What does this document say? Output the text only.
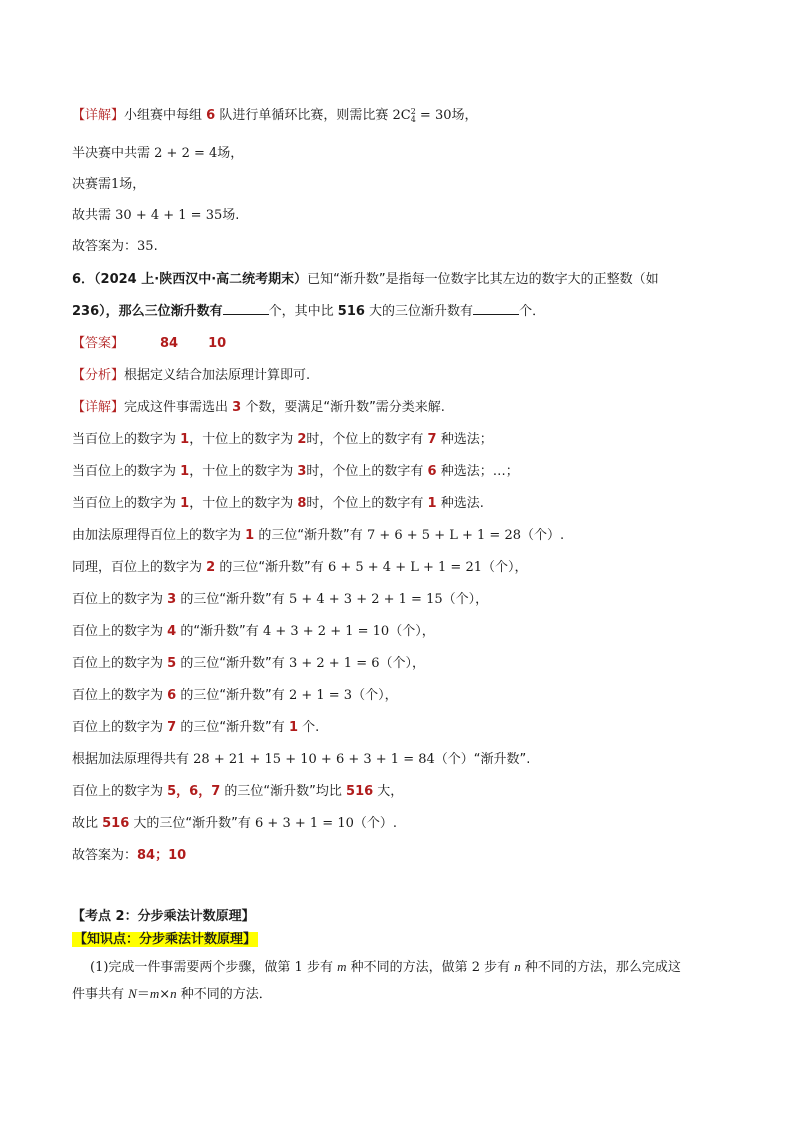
【详解】小组赛中每组 6 队进行单循环比赛，则需比赛 2C2
4 = 30场，
半决赛中共需 2 + 2 = 4场，
决赛需1场，
故共需 30 + 4 + 1 = 35场.
故答案为：35.
6．（2024 上·陕西汉中·高二统考期末）已知“渐升数”是指每一位数字比其左边的数字大的正整数（如
236），那么三位渐升数有	个，其中比 516 大的三位渐升数有	个．
【答案】	84 10
【分析】根据定义结合加法原理计算即可.
【详解】完成这件事需选出 3 个数，要满足“渐升数”需分类来解.
当百位上的数字为 1，十位上的数字为 2时，个位上的数字有 7 种选法；
当百位上的数字为 1，十位上的数字为 3时，个位上的数字有 6 种选法；…；
当百位上的数字为 1，十位上的数字为 8时，个位上的数字有 1 种选法.
由加法原理得百位上的数字为 1 的三位“渐升数”有 7 + 6 + 5 + L + 1 = 28（个）.
同理，百位上的数字为 2 的三位“渐升数”有 6 + 5 + 4 + L + 1 = 21（个），
百位上的数字为 3 的三位“渐升数”有 5 + 4 + 3 + 2 + 1 = 15（个），
百位上的数字为 4 的“渐升数”有 4 + 3 + 2 + 1 = 10（个），
百位上的数字为 5 的三位“渐升数”有 3 + 2 + 1 = 6（个），
百位上的数字为 6 的三位“渐升数”有 2 + 1 = 3（个），
百位上的数字为 7 的三位“渐升数”有 1 个.
根据加法原理得共有 28 + 21 + 15 + 10 + 6 + 3 + 1 = 84（个）“渐升数”.
百位上的数字为 5，6，7 的三位“渐升数”均比 516 大，
故比 516 大的三位“渐升数”有 6 + 3 + 1 = 10（个）.
故答案为：84；10
【考点 2：分步乘法计数原理】
【知识点：分步乘法计数原理】
(1)完成一件事需要两个步骤，做第 1 步有 m 种不同的方法，做第 2 步有 n 种不同的方法，那么完成这
件事共有 N＝m×n 种不同的方法．
